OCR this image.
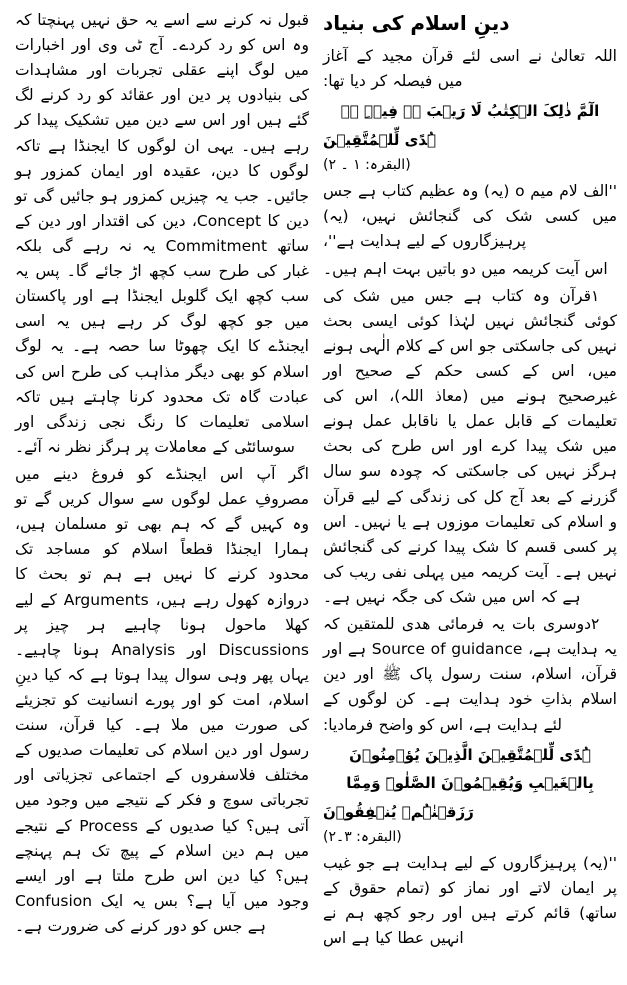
دینِ اسلام کی بنیاد

اللہ تعالیٰ نے اسی لئے قرآن مجید کے آغاز میں فیصلہ کر دیا تھا:

الٓمَّ ذٰلِکَ الۡکِتٰبُ لَا رَیۡبَ ۚۖ فِیۡہِ ۚۛ ہُدًی لِّلۡمُتَّقِیۡنَ
(البقرہ: ۱ ۔ ۲)

''الف لام میم o (یہ) وہ عظیم کتاب ہے جس میں کسی شک کی گنجائش نہیں، (یہ) پرہیزگاروں کے لیے ہدایت ہے''،

اس آیت کریمہ میں دو باتیں بہت اہم ہیں۔

۱قرآن وہ کتاب ہے جس میں شک کی کوئی گنجائش نہیں لہٰذا کوئی ایسی بحث نہیں کی جاسکتی جو اس کے کلام الٰہی ہونے میں، اس کے کسی حکم کے صحیح اور غیرصحیح ہونے میں (معاذ اللہ)، اس کی تعلیمات کے قابل عمل یا ناقابل عمل ہونے میں شک پیدا کرے اور اس طرح کی بحث ہرگز نہیں کی جاسکتی کہ چودہ سو سال گزرنے کے بعد آج کل کی زندگی کے لیے قرآن و اسلام کی تعلیمات موزوں ہے یا نہیں۔ اس پر کسی قسم کا شک پیدا کرنے کی گنجائش نہیں ہے۔ آیت کریمہ میں پہلی نفی ریب کی ہے کہ اس میں شک کی جگہ نہیں ہے۔

۲دوسری بات یہ فرمائی ھدی للمتقین کہ یہ ہدایت ہے، Source of guidance ہے اور قرآن، اسلام، سنت رسول پاک ﷺ اور دین اسلام بذاتِ خود ہدایت ہے۔ کن لوگوں کے لئے ہدایت ہے، اس کو واضح فرمادیا:

ہُدًی لِّلۡمُتَّقِیۡنَ الَّذِیۡنَ یُؤۡمِنُوۡنَ بِالۡغَیۡبِ وَیُقِیۡمُوۡنَ الصَّلٰوۃَ وَمِمَّا رَزَقۡنٰہُمۡ یُنۡفِقُوۡنَ
(البقرہ: ۳۔۲)

''(یہ) پرہیزگاروں کے لیے ہدایت ہے جو غیب پر ایمان لاتے اور نماز کو (تمام حقوق کے ساتھ) قائم کرتے ہیں اور رجو کچھ ہم نے انہیں عطا کیا ہے اس

قبول نہ کرنے سے اسے یہ حق نہیں پہنچتا کہ وہ اس کو رد کردے۔ آج ٹی وی اور اخبارات میں لوگ اپنے عقلی تجربات اور مشاہدات کی بنیادوں پر دین اور عقائد کو رد کرنے لگ گئے ہیں اور اس سے دین میں تشکیک پیدا کر رہے ہیں۔ یہی ان لوگوں کا ایجنڈا ہے تاکہ لوگوں کا دین، عقیدہ اور ایمان کمزور ہو جائیں۔ جب یہ چیزیں کمزور ہو جائیں گی تو دین کا Concept، دین کی اقتدار اور دین کے ساتھ Commitment یہ نہ رہے گی بلکہ غبار کی طرح سب کچھ اڑ جائے گا۔ پس یہ سب کچھ ایک گلوبل ایجنڈا ہے اور پاکستان میں جو کچھ لوگ کر رہے ہیں یہ اسی ایجنڈے کا ایک چھوٹا سا حصہ ہے۔ یہ لوگ اسلام کو بھی دیگر مذاہب کی طرح اس کی عبادت گاہ تک محدود کرنا چاہتے ہیں تاکہ اسلامی تعلیمات کا رنگ نجی زندگی اور سوسائٹی کے معاملات پر ہرگز نظر نہ آئے۔

اگر آپ اس ایجنڈے کو فروغ دینے میں مصروفِ عمل لوگوں سے سوال کریں گے تو وہ کہیں گے کہ ہم بھی تو مسلمان ہیں، ہمارا ایجنڈا قطعاً اسلام کو مساجد تک محدود کرنے کا نہیں ہے ہم تو بحث کا دروازہ کھول رہے ہیں، Arguments کے لیے کھلا ماحول ہونا چاہیے ہر چیز پر Discussions اور Analysis ہونا چاہیے۔ یہاں پھر وہی سوال پیدا ہوتا ہے کہ کیا دینِ اسلام، امت کو اور پورے انسانیت کو تجزیئے کی صورت میں ملا ہے۔ کیا قرآن، سنت رسول اور دین اسلام کی تعلیمات صدیوں کے مختلف فلاسفروں کے اجتماعی تجزیاتی اور تجرباتی سوچ و فکر کے نتیجے میں وجود میں آتی ہیں؟ کیا صدیوں کے Process کے نتیجے میں ہم دین اسلام کے پیچ تک ہم پہنچے ہیں؟ کیا دین اس طرح ملتا ہے اور ایسے وجود میں آیا ہے؟ بس یہ ایک Confusion ہے جس کو دور کرنے کی ضرورت ہے۔
